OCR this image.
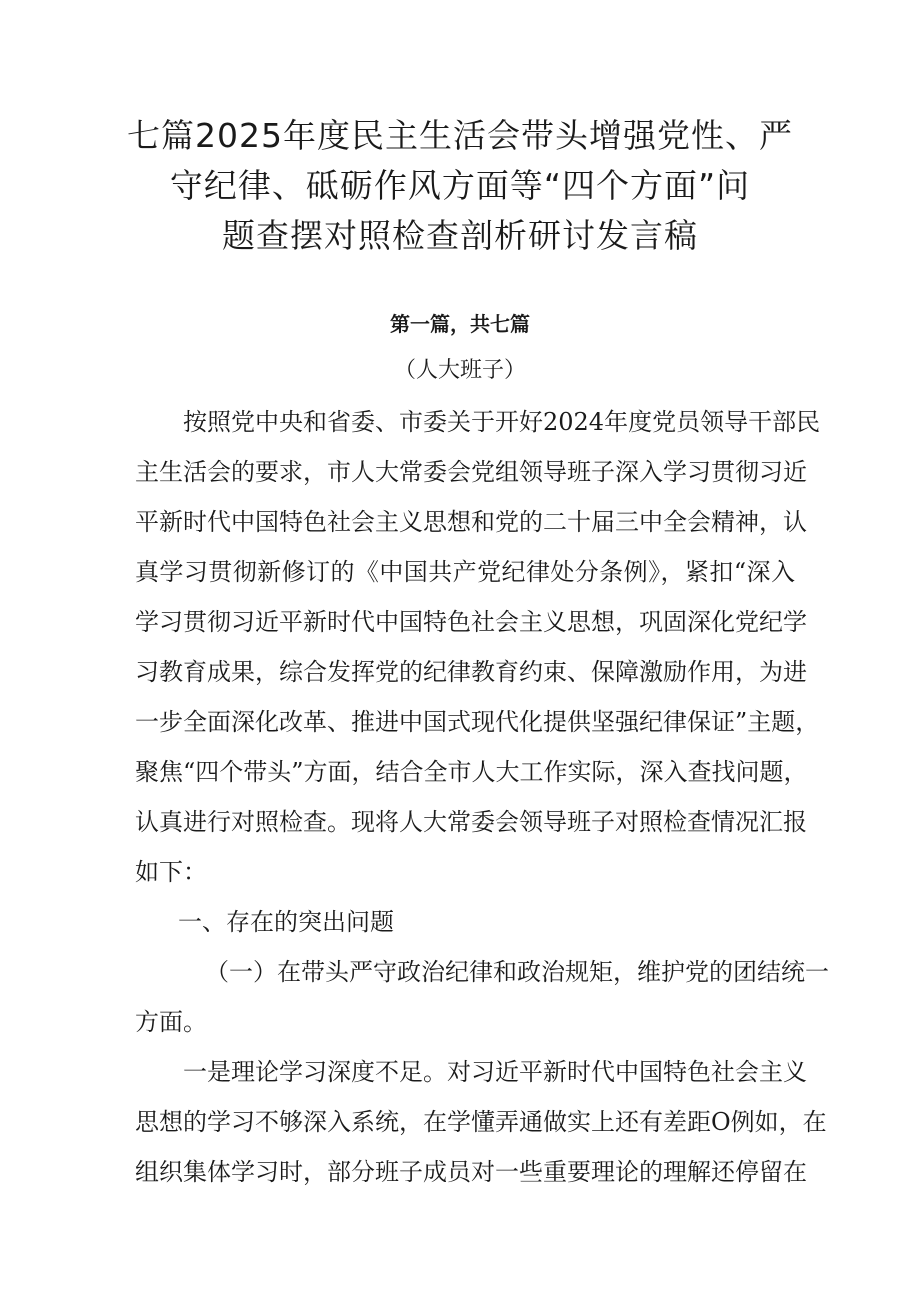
七篇2025年度民主生活会带头增强党性、严
守纪律、砥砺作风方面等“四个方面”问
题查摆对照检查剖析研讨发言稿
第一篇，共七篇
（人大班子）
按照党中央和省委、市委关于开好2024年度党员领导干部民
主生活会的要求，市人大常委会党组领导班子深入学习贯彻习近
平新时代中国特色社会主义思想和党的二十届三中全会精神，认
真学习贯彻新修订的《中国共产党纪律处分条例》，紧扣“深入
学习贯彻习近平新时代中国特色社会主义思想，巩固深化党纪学
习教育成果，综合发挥党的纪律教育约束、保障激励作用，为进
一步全面深化改革、推进中国式现代化提供坚强纪律保证”主题，
聚焦“四个带头”方面，结合全市人大工作实际，深入查找问题，
认真进行对照检查。现将人大常委会领导班子对照检查情况汇报
如下：
一、存在的突出问题
（一）在带头严守政治纪律和政治规矩，维护党的团结统一
方面。
一是理论学习深度不足。对习近平新时代中国特色社会主义
思想的学习不够深入系统，在学懂弄通做实上还有差距O例如，在
组织集体学习时，部分班子成员对一些重要理论的理解还停留在
